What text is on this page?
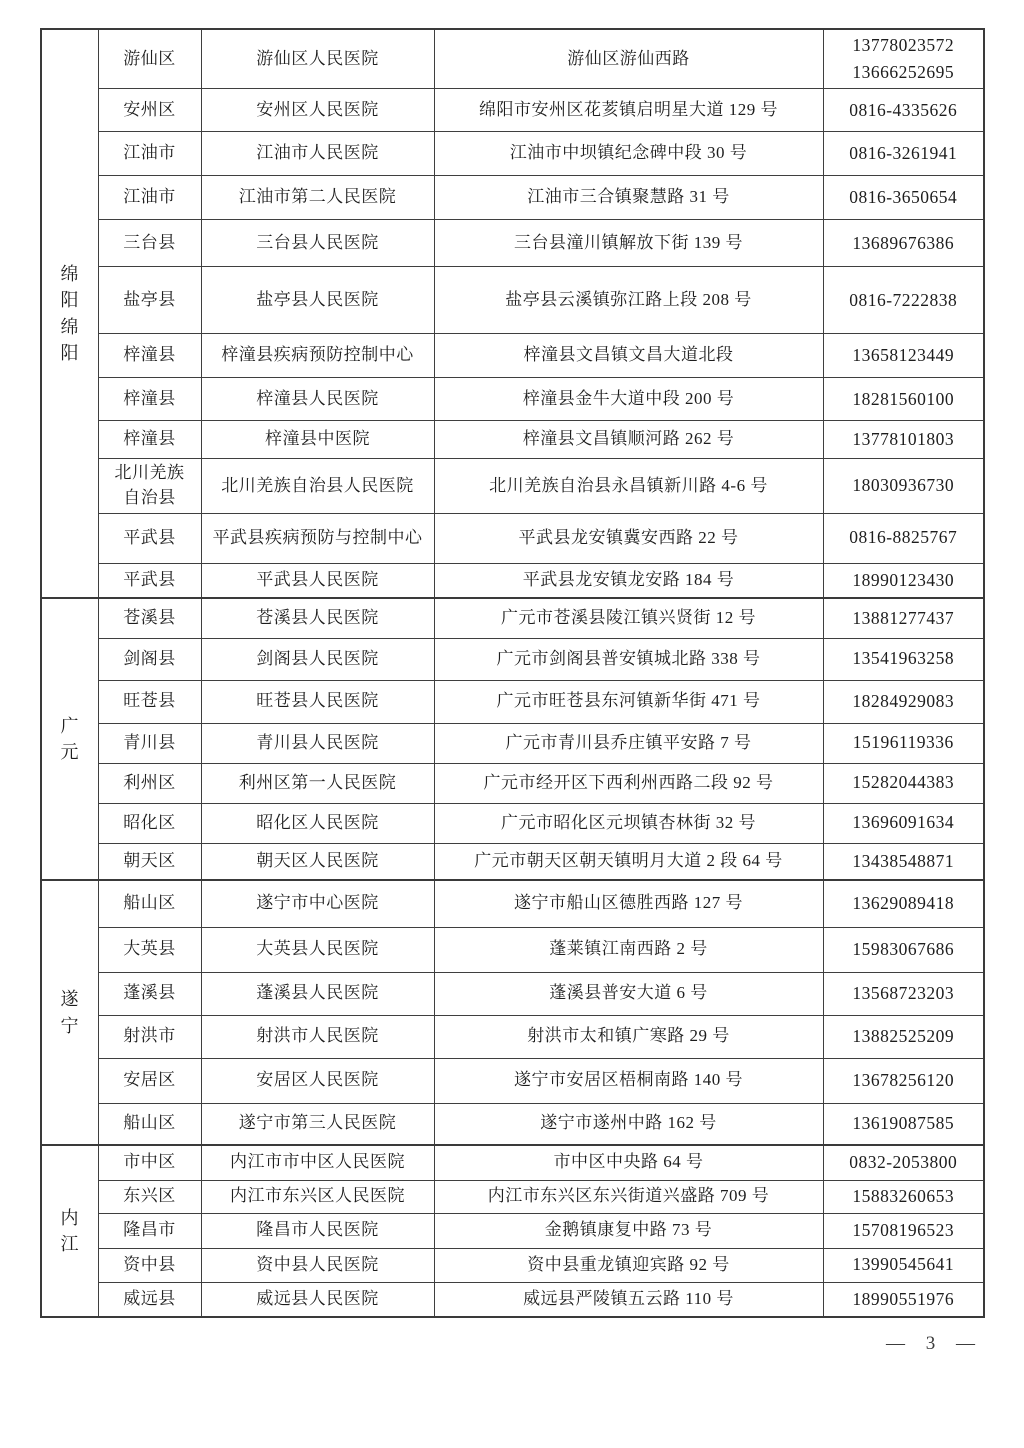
绵阳
绵阳	游仙区	游仙区人民医院	游仙区游仙西路	13778023572
13666252695

	安州区	安州区人民医院	绵阳市安州区花荄镇启明星大道 129 号	0816-4335626
	江油市	江油市人民医院	江油市中坝镇纪念碑中段 30 号	0816-3261941
	江油市	江油市第二人民医院	江油市三合镇聚慧路 31 号	0816-3650654
	三台县	三台县人民医院	三台县潼川镇解放下街 139 号	13689676386
	盐亭县	盐亭县人民医院	盐亭县云溪镇弥江路上段 208 号	0816-7222838
	梓潼县	梓潼县疾病预防控制中心	梓潼县文昌镇文昌大道北段	13658123449
	梓潼县	梓潼县人民医院	梓潼县金牛大道中段 200 号	18281560100
	梓潼县	梓潼县中医院	梓潼县文昌镇顺河路 262 号	13778101803
	北川羌族自治县	北川羌族自治县人民医院	北川羌族自治县永昌镇新川路 4-6 号	18030936730
	平武县	平武县疾病预防与控制中心	平武县龙安镇冀安西路 22 号	0816-8825767
	平武县	平武县人民医院	平武县龙安镇龙安路 184 号	18990123430

广元	苍溪县	苍溪县人民医院	广元市苍溪县陵江镇兴贤街 12 号	13881277437
	剑阁县	剑阁县人民医院	广元市剑阁县普安镇城北路 338 号	13541963258
	旺苍县	旺苍县人民医院	广元市旺苍县东河镇新华街 471 号	18284929083
	青川县	青川县人民医院	广元市青川县乔庄镇平安路 7 号	15196119336
	利州区	利州区第一人民医院	广元市经开区下西利州西路二段 92 号	15282044383
	昭化区	昭化区人民医院	广元市昭化区元坝镇杏林街 32 号	13696091634
	朝天区	朝天区人民医院	广元市朝天区朝天镇明月大道 2 段 64 号	13438548871

遂宁	船山区	遂宁市中心医院	遂宁市船山区德胜西路 127 号	13629089418
	大英县	大英县人民医院	蓬莱镇江南西路 2 号	15983067686
	蓬溪县	蓬溪县人民医院	蓬溪县普安大道 6 号	13568723203
	射洪市	射洪市人民医院	射洪市太和镇广寒路 29 号	13882525209
	安居区	安居区人民医院	遂宁市安居区梧桐南路 140 号	13678256120
	船山区	遂宁市第三人民医院	遂宁市遂州中路 162 号	13619087585

内江	市中区	内江市市中区人民医院	市中区中央路 64 号	0832-2053800
	东兴区	内江市东兴区人民医院	内江市东兴区东兴街道兴盛路 709 号	15883260653
	隆昌市	隆昌市人民医院	金鹅镇康复中路 73 号	15708196523
	资中县	资中县人民医院	资中县重龙镇迎宾路 92 号	13990545641
	威远县	威远县人民医院	威远县严陵镇五云路 110 号	18990551976
— 3 —
